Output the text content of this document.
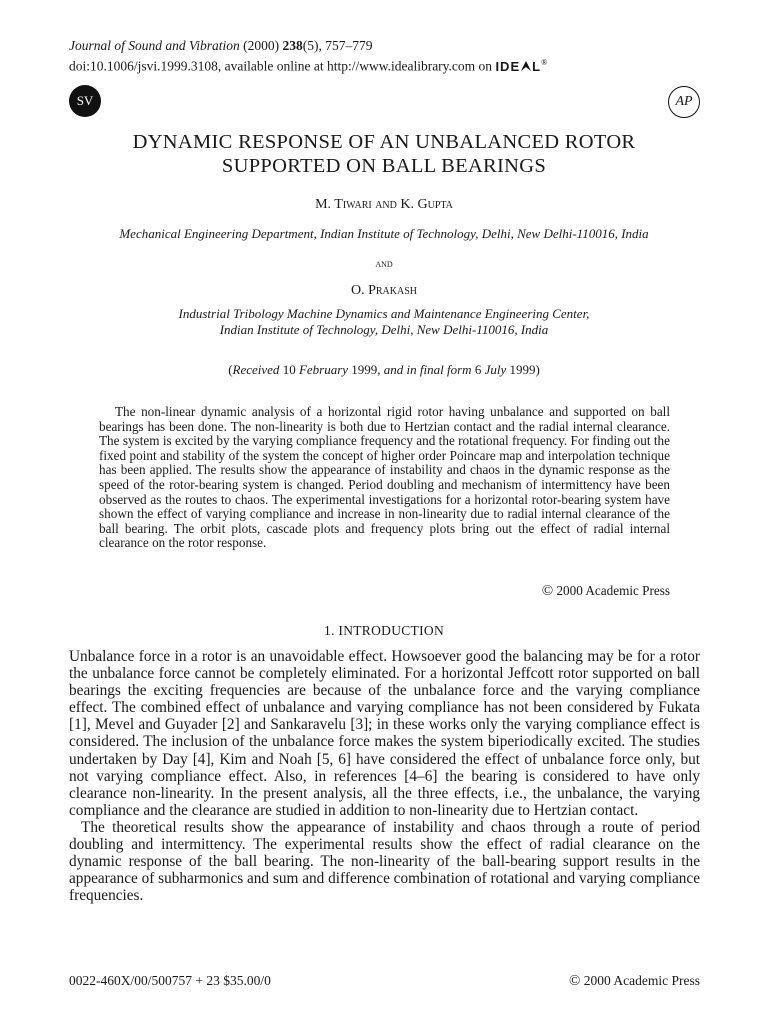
Journal of Sound and Vibration (2000) 238(5), 757–779
doi:10.1006/jsvi.1999.3108, available online at http://www.idealibrary.com on IDE L®
SV	AP
DYNAMIC RESPONSE OF AN UNBALANCED ROTOR
SUPPORTED ON BALL BEARINGS
M. Tiwari and K. Gupta
Mechanical Engineering Department, Indian Institute of Technology, Delhi, New Delhi-110016, India
and
O. Prakash
Industrial Tribology Machine Dynamics and Maintenance Engineering Center,
Indian Institute of Technology, Delhi, New Delhi-110016, India
(Received 10 February 1999, and in final form 6 July 1999)
The non-linear dynamic analysis of a horizontal rigid rotor having unbalance and supported on ball bearings has been done. The non-linearity is both due to Hertzian contact and the radial internal clearance. The system is excited by the varying compliance frequency and the rotational frequency. For finding out the fixed point and stability of the system the concept of higher order Poincare map and interpolation technique has been applied. The results show the appearance of instability and chaos in the dynamic response as the speed of the rotor-bearing system is changed. Period doubling and mechanism of intermittency have been observed as the routes to chaos. The experimental investigations for a horizontal rotor-bearing system have shown the effect of varying compliance and increase in non-linearity due to radial internal clearance of the ball bearing. The orbit plots, cascade plots and frequency plots bring out the effect of radial internal clearance on the rotor response.
© 2000 Academic Press
1. INTRODUCTION

Unbalance force in a rotor is an unavoidable effect. Howsoever good the balancing may be for a rotor the unbalance force cannot be completely eliminated. For a horizontal Jeffcott rotor supported on ball bearings the exciting frequencies are because of the unbalance force and the varying compliance effect. The combined effect of unbalance and varying compliance has not been considered by Fukata [1], Mevel and Guyader [2] and Sankaravelu [3]; in these works only the varying compliance effect is considered. The inclusion of the unbalance force makes the system biperiodically excited. The studies undertaken by Day [4], Kim and Noah [5, 6] have considered the effect of unbalance force only, but not varying compliance effect. Also, in references [4–6] the bearing is considered to have only clearance non-linearity. In the present analysis, all the three effects, i.e., the unbalance, the varying compliance and the clearance are studied in addition to non-linearity due to Hertzian contact.

The theoretical results show the appearance of instability and chaos through a route of period doubling and intermittency. The experimental results show the effect of radial clearance on the dynamic response of the ball bearing. The non-linearity of the ball-bearing support results in the appearance of subharmonics and sum and difference combination of rotational and varying compliance frequencies.

0022-460X/00/500757 + 23 $35.00/0	© 2000 Academic Press
